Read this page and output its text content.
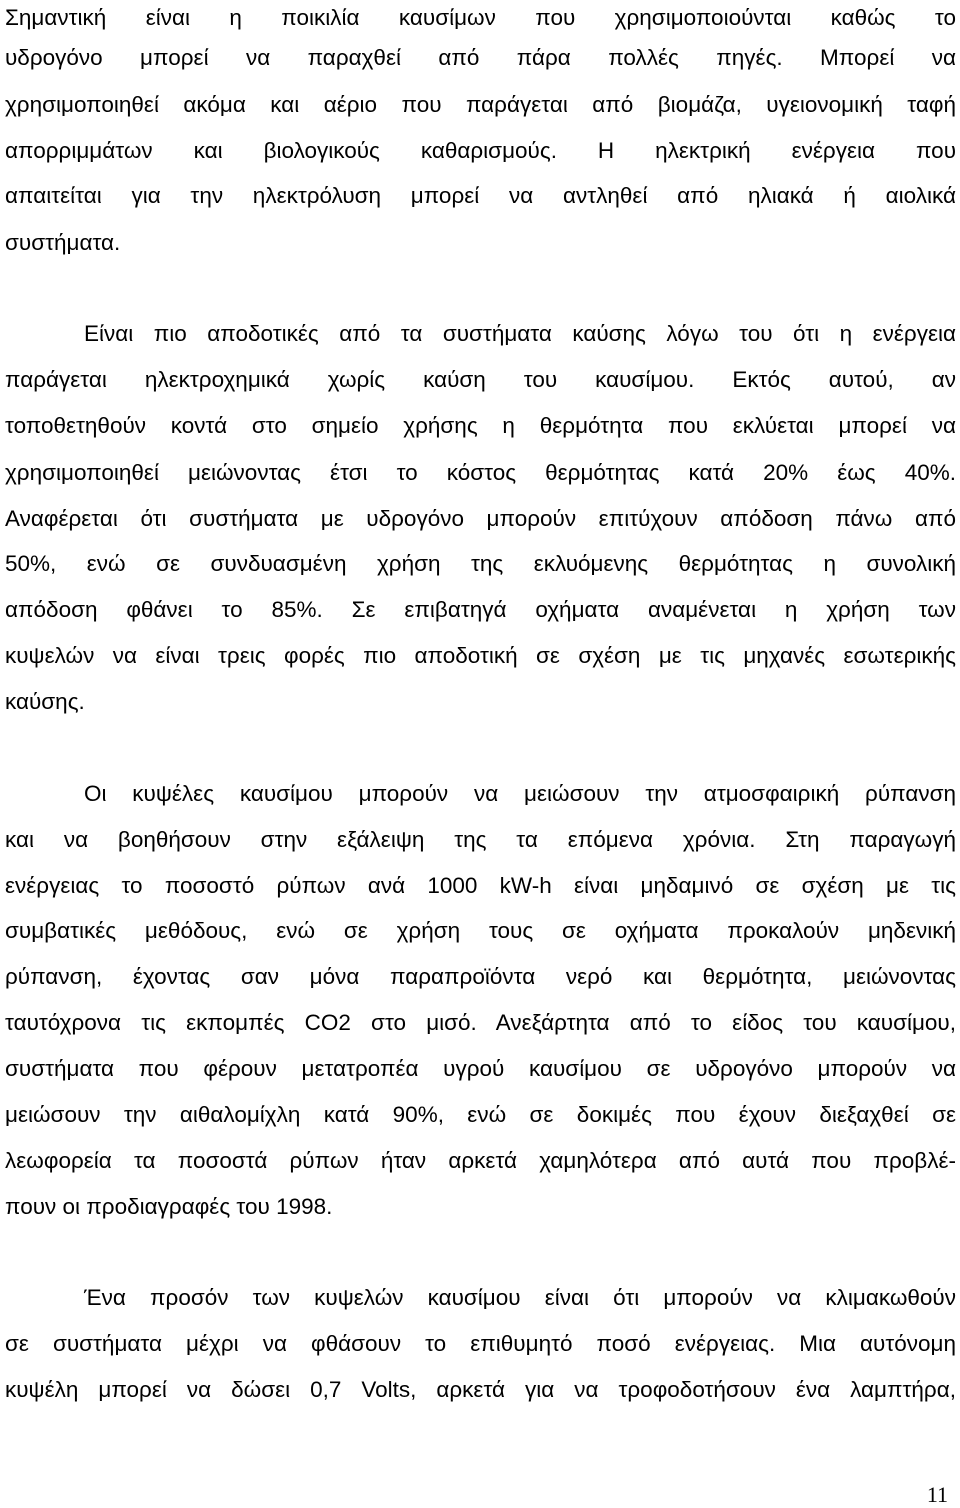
Σημαντική είναι η ποικιλία καυσίμων που χρησιμοποιούνται καθώς το
υδρογόνο μπορεί να παραχθεί από πάρα πολλές πηγές. Μπορεί να
χρησιμοποιηθεί ακόμα και αέριο που παράγεται από βιομάζα, υγειονομική ταφή
απορριμμάτων και βιολογικούς καθαρισμούς. Η ηλεκτρική ενέργεια που
απαιτείται για την ηλεκτρόλυση μπορεί να αντληθεί από ηλιακά ή αιολικά
συστήματα.
Είναι πιο αποδοτικές από τα συστήματα καύσης λόγω του ότι η ενέργεια
παράγεται ηλεκτροχημικά χωρίς καύση του καυσίμου. Εκτός αυτού, αν
τοποθετηθούν κοντά στο σημείο χρήσης η θερμότητα που εκλύεται μπορεί να
χρησιμοποιηθεί μειώνοντας έτσι το κόστος θερμότητας κατά 20% έως 40%.
Αναφέρεται ότι συστήματα με υδρογόνο μπορούν επιτύχουν απόδοση πάνω από
50%, ενώ σε συνδυασμένη χρήση της εκλυόμενης θερμότητας η συνολική
απόδοση φθάνει το 85%. Σε επιβατηγά οχήματα αναμένεται η χρήση των
κυψελών να είναι τρεις φορές πιο αποδοτική σε σχέση με τις μηχανές εσωτερικής
καύσης.
Οι κυψέλες καυσίμου μπορούν να μειώσουν την ατμοσφαιρική ρύπανση
και να βοηθήσουν στην εξάλειψη της τα επόμενα χρόνια. Στη παραγωγή
ενέργειας το ποσοστό ρύπων ανά 1000 kW-h είναι μηδαμινό σε σχέση με τις
συμβατικές μεθόδους, ενώ σε χρήση τους σε οχήματα προκαλούν μηδενική
ρύπανση, έχοντας σαν μόνα παραπροϊόντα νερό και θερμότητα, μειώνοντας
ταυτόχρονα τις εκπομπές CO2 στο μισό. Ανεξάρτητα από το είδος του καυσίμου,
συστήματα που φέρουν μετατροπέα υγρού καυσίμου σε υδρογόνο μπορούν να
μειώσουν την αιθαλομίχλη κατά 90%, ενώ σε δοκιμές που έχουν διεξαχθεί σε
λεωφορεία τα ποσοστά ρύπων ήταν αρκετά χαμηλότερα από αυτά που προβλέ-
πουν οι προδιαγραφές του 1998.
Ένα προσόν των κυψελών καυσίμου είναι ότι μπορούν να κλιμακωθούν
σε συστήματα μέχρι να φθάσουν το επιθυμητό ποσό ενέργειας. Μια αυτόνομη
κυψέλη μπορεί να δώσει 0,7 Volts, αρκετά για να τροφοδοτήσουν ένα λαμπτήρα,
11
